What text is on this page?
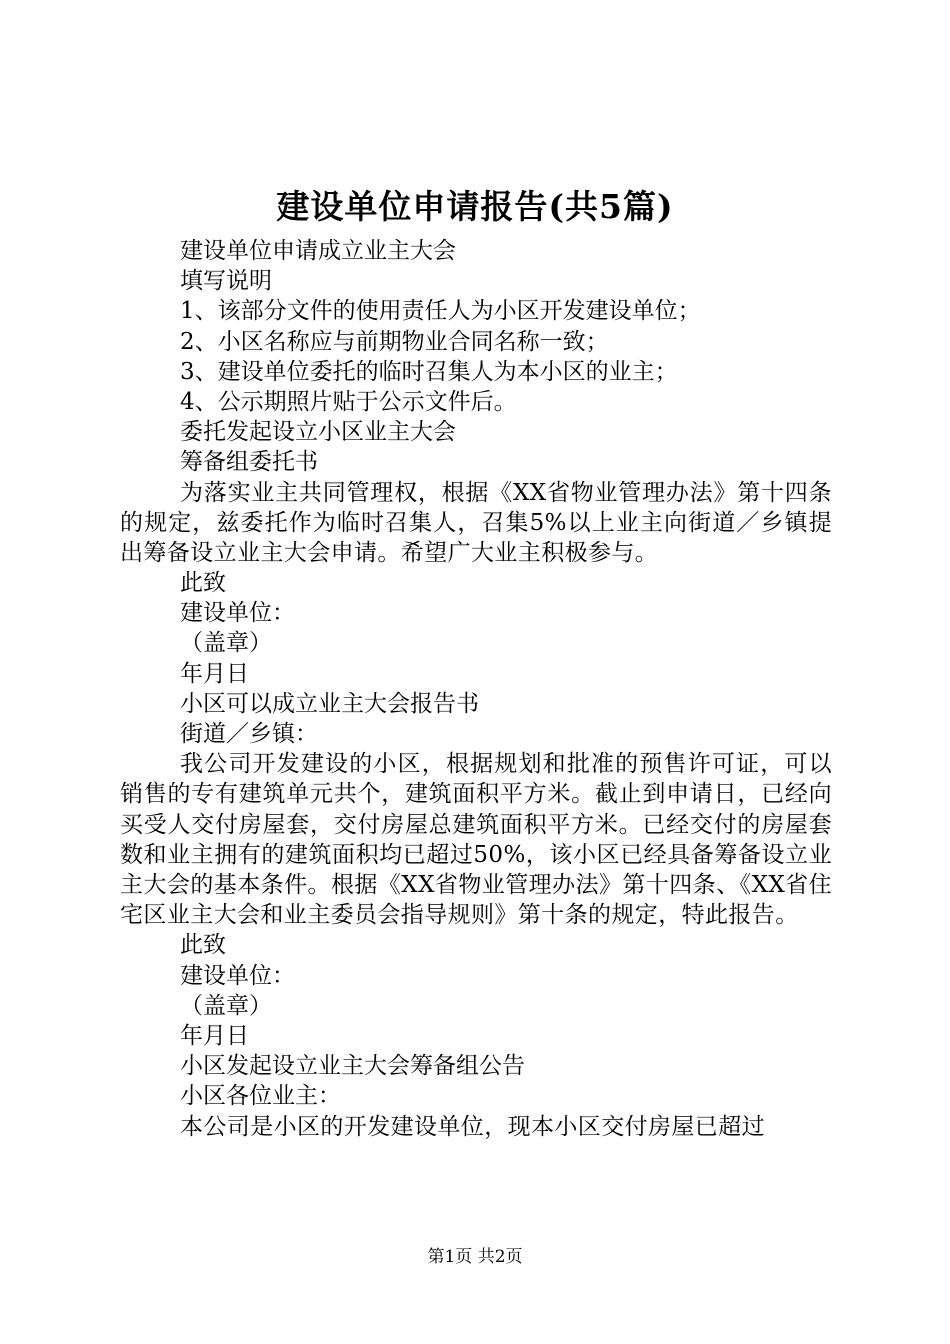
建设单位申请报告(共5篇)

建设单位申请成立业主大会

填写说明

1、该部分文件的使用责任人为小区开发建设单位；

2、小区名称应与前期物业合同名称一致；

3、建设单位委托的临时召集人为本小区的业主；

4、公示期照片贴于公示文件后。

委托发起设立小区业主大会

筹备组委托书

为落实业主共同管理权，根据《XX省物业管理办法》第十四条的规定，兹委托作为临时召集人，召集5%以上业主向街道／乡镇提出筹备设立业主大会申请。希望广大业主积极参与。

此致

建设单位：

（盖章）

年月日

小区可以成立业主大会报告书

街道／乡镇：

我公司开发建设的小区，根据规划和批准的预售许可证，可以销售的专有建筑单元共个，建筑面积平方米。截止到申请日，已经向买受人交付房屋套，交付房屋总建筑面积平方米。已经交付的房屋套数和业主拥有的建筑面积均已超过50%，该小区已经具备筹备设立业主大会的基本条件。根据《XX省物业管理办法》第十四条、《XX省住宅区业主大会和业主委员会指导规则》第十条的规定，特此报告。

此致

建设单位：

（盖章）

年月日

小区发起设立业主大会筹备组公告

小区各位业主：

本公司是小区的开发建设单位，现本小区交付房屋已超过

第1页 共2页
